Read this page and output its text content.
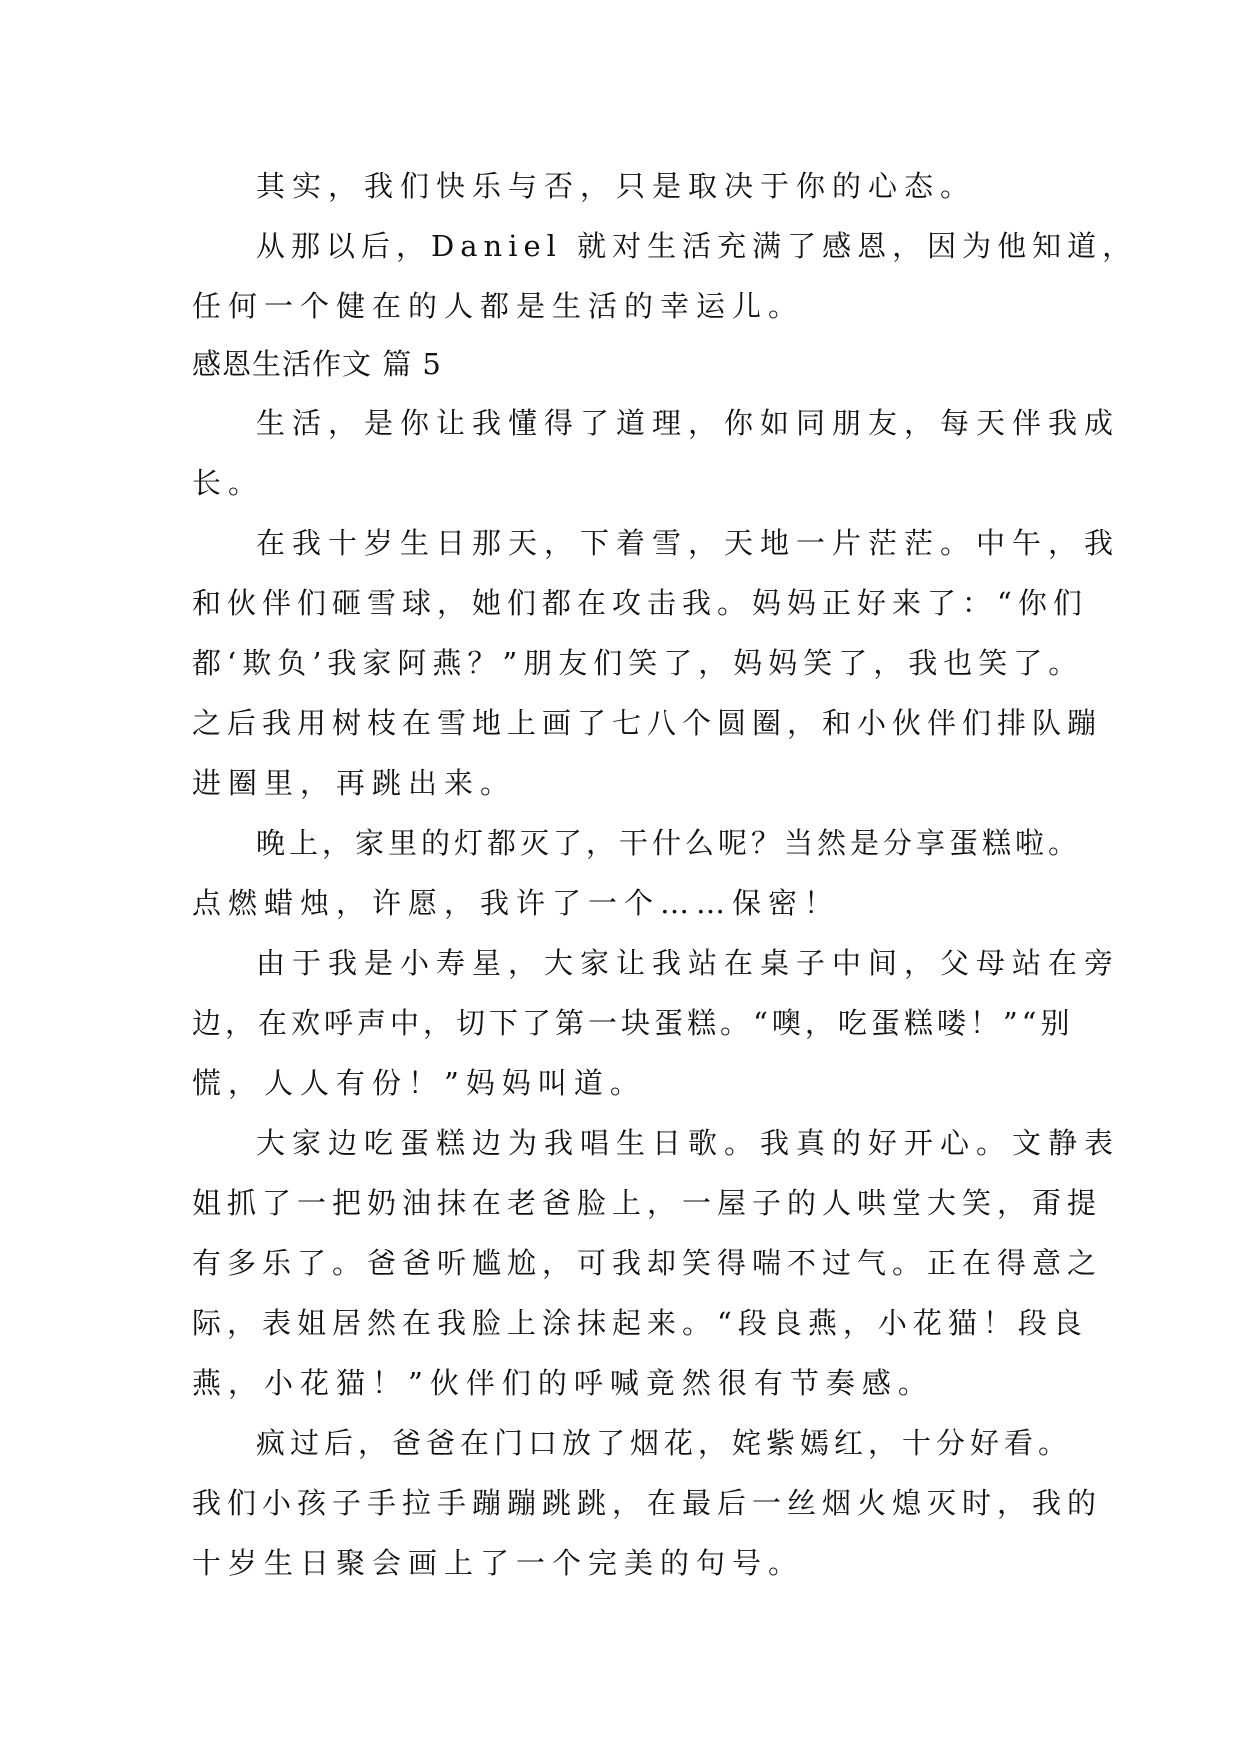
其实，我们快乐与否，只是取决于你的心态。
从那以后，Daniel 就对生活充满了感恩，因为他知道，
任何一个健在的人都是生活的幸运儿。
感恩生活作文 篇 5
生活，是你让我懂得了道理，你如同朋友，每天伴我成
长。
在我十岁生日那天，下着雪，天地一片茫茫。中午，我
和伙伴们砸雪球，她们都在攻击我。妈妈正好来了：“你们
都‘欺负’我家阿燕？”朋友们笑了，妈妈笑了，我也笑了。
之后我用树枝在雪地上画了七八个圆圈，和小伙伴们排队蹦
进圈里，再跳出来。
晚上，家里的灯都灭了，干什么呢？当然是分享蛋糕啦。
点燃蜡烛，许愿，我许了一个……保密！
由于我是小寿星，大家让我站在桌子中间，父母站在旁
边，在欢呼声中，切下了第一块蛋糕。“噢，吃蛋糕喽！”“别
慌，人人有份！”妈妈叫道。
大家边吃蛋糕边为我唱生日歌。我真的好开心。文静表
姐抓了一把奶油抹在老爸脸上，一屋子的人哄堂大笑，甭提
有多乐了。爸爸听尴尬，可我却笑得喘不过气。正在得意之
际，表姐居然在我脸上涂抹起来。“段良燕，小花猫！段良
燕，小花猫！”伙伴们的呼喊竟然很有节奏感。
疯过后，爸爸在门口放了烟花，姹紫嫣红，十分好看。
我们小孩子手拉手蹦蹦跳跳，在最后一丝烟火熄灭时，我的
十岁生日聚会画上了一个完美的句号。
